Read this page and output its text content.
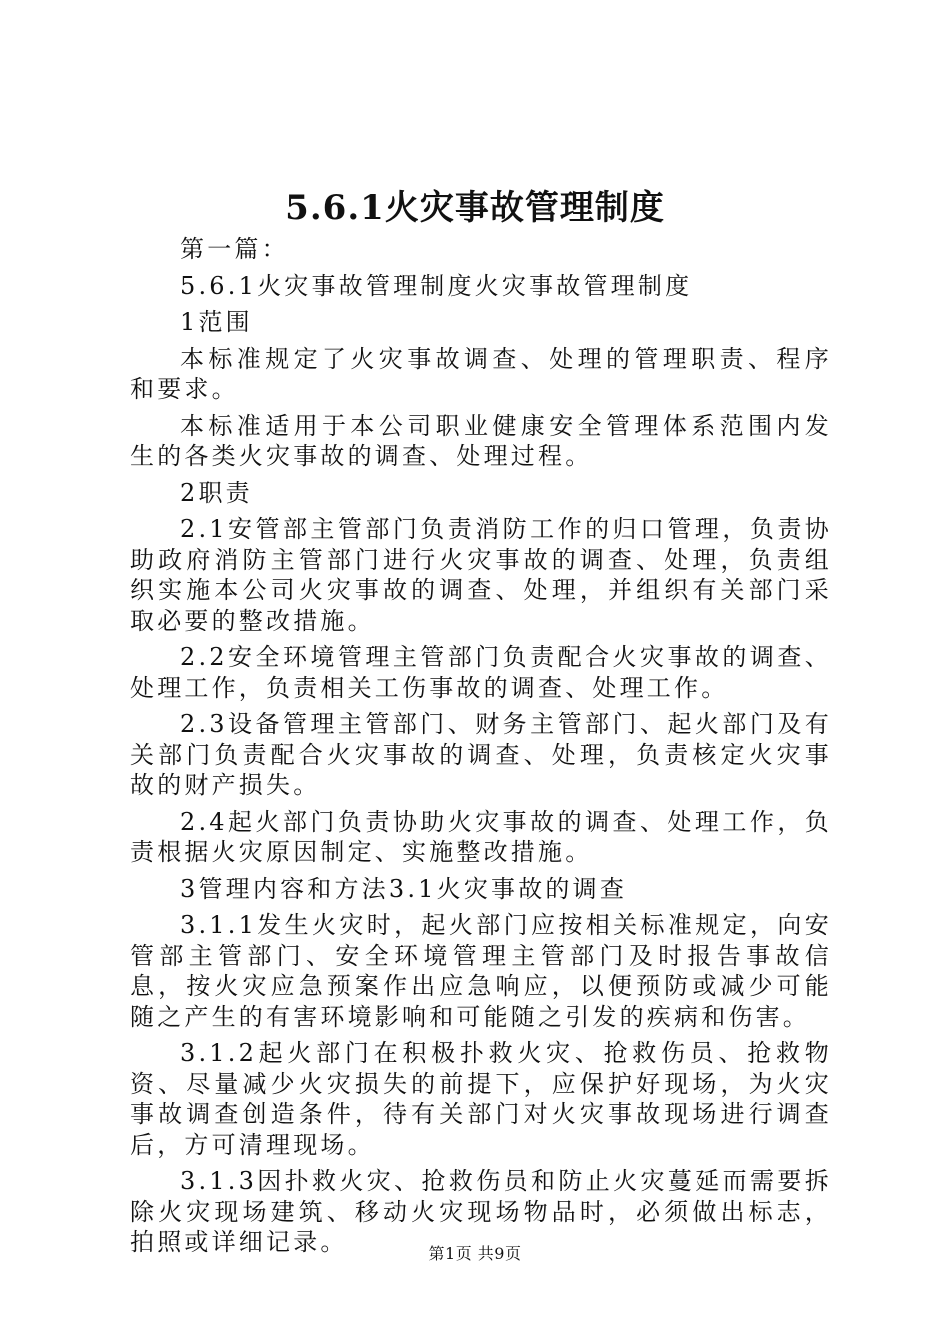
5.6.1火灾事故管理制度

第一篇：

5.6.1火灾事故管理制度火灾事故管理制度

1范围

本标准规定了火灾事故调查、处理的管理职责、程序和要求。

本标准适用于本公司职业健康安全管理体系范围内发生的各类火灾事故的调查、处理过程。

2职责

2.1安管部主管部门负责消防工作的归口管理，负责协助政府消防主管部门进行火灾事故的调查、处理，负责组织实施本公司火灾事故的调查、处理，并组织有关部门采取必要的整改措施。

2.2安全环境管理主管部门负责配合火灾事故的调查、处理工作，负责相关工伤事故的调查、处理工作。

2.3设备管理主管部门、财务主管部门、起火部门及有关部门负责配合火灾事故的调查、处理，负责核定火灾事故的财产损失。

2.4起火部门负责协助火灾事故的调查、处理工作，负责根据火灾原因制定、实施整改措施。

3管理内容和方法3.1火灾事故的调查

3.1.1发生火灾时，起火部门应按相关标准规定，向安管部主管部门、安全环境管理主管部门及时报告事故信息，按火灾应急预案作出应急响应，以便预防或减少可能随之产生的有害环境影响和可能随之引发的疾病和伤害。

3.1.2起火部门在积极扑救火灾、抢救伤员、抢救物资、尽量减少火灾损失的前提下，应保护好现场，为火灾事故调查创造条件，待有关部门对火灾事故现场进行调查后，方可清理现场。

3.1.3因扑救火灾、抢救伤员和防止火灾蔓延而需要拆除火灾现场建筑、移动火灾现场物品时，必须做出标志，拍照或详细记录。	第1页 共9页
